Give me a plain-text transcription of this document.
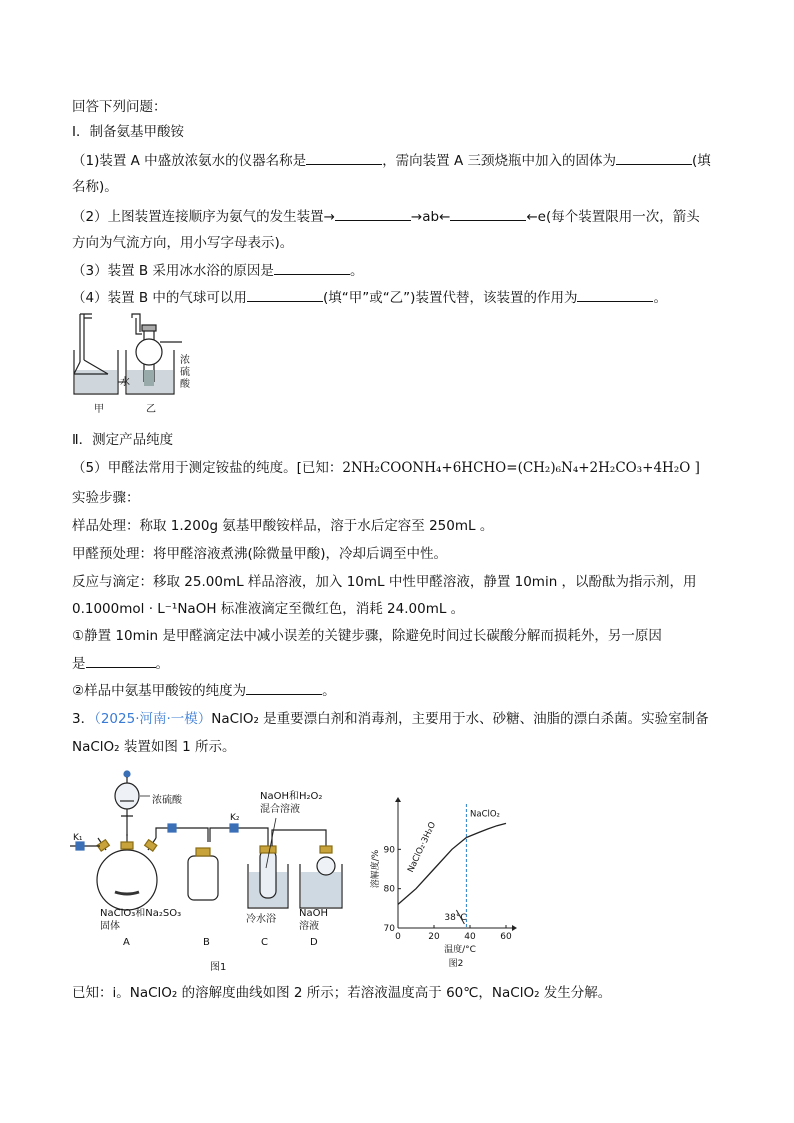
回答下列问题：
I．制备氨基甲酸铵
（1)装置 A 中盛放浓氨水的仪器名称是	，需向装置 A 三颈烧瓶中加入的固体为	(填
名称)。
（2）上图装置连接顺序为氨气的发生装置→	→ab←	←e(每个装置限用一次，箭头
方向为气流方向，用小写字母表示)。
（3）装置 B 采用冰水浴的原因是	。
（4）装置 B 中的气球可以用	(填“甲”或“乙”)装置代替，该装置的作用为	。
水
甲	乙
浓硫酸
Ⅱ．测定产品纯度
（5）甲醛法常用于测定铵盐的纯度。[已知：2NH₂COONH₄+6HCHO=(CH₂)₆N₄+2H₂CO₃+4H₂O ]
实验步骤：
样品处理：称取 1.200g 氨基甲酸铵样品，溶于水后定容至 250mL 。
甲醛预处理：将甲醛溶液煮沸(除微量甲酸)，冷却后调至中性。
反应与滴定：移取 25.00mL 样品溶液，加入 10mL 中性甲醛溶液，静置 10min ，以酚酞为指示剂，用
0.1000mol · L⁻¹NaOH 标准液滴定至微红色，消耗 24.00mL 。
①静置 10min 是甲醛滴定法中减小误差的关键步骤，除避免时间过长碳酸分解而损耗外，另一原因
是	。
②样品中氨基甲酸铵的纯度为	。
3．（2025·河南·一模）NaClO₂ 是重要漂白剂和消毒剂，主要用于水、砂糖、油脂的漂白杀菌。实验室制备
NaClO₂ 装置如图 1 所示。
K₁
K₂
浓硫酸	NaOH和H₂O₂
混合溶液
NaClO₃和Na₂SO₃
固体
冷水浴
NaOH
溶液
A	B	C	D
图1
0	20	40	60
70
80
90
温度/°C
溶解度/%
38°C
NaClO₂·3H₂O
NaClO₂
图2
已知：ⅰ。NaClO₂ 的溶解度曲线如图 2 所示；若溶液温度高于 60℃，NaClO₂ 发生分解。
